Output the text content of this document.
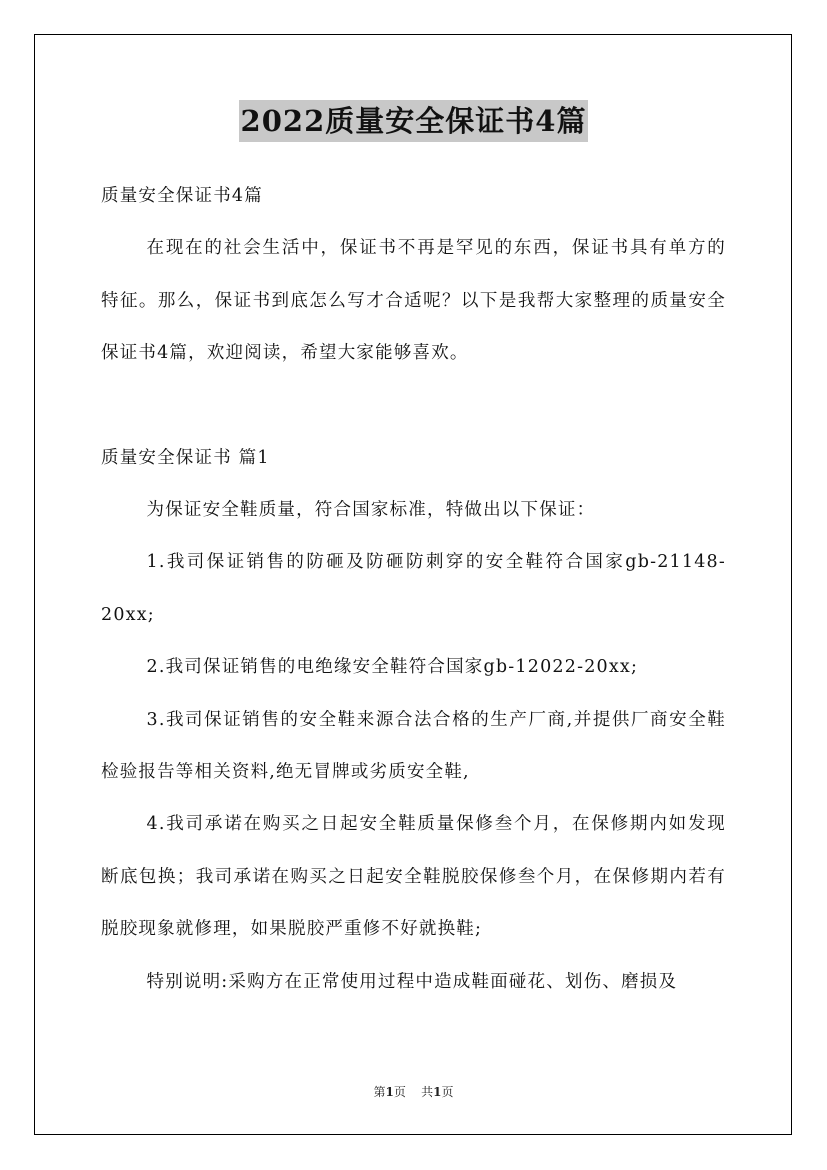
2022质量安全保证书4篇

质量安全保证书4篇

在现在的社会生活中，保证书不再是罕见的东西，保证书具有单方的特征。那么，保证书到底怎么写才合适呢？以下是我帮大家整理的质量安全保证书4篇，欢迎阅读，希望大家能够喜欢。

质量安全保证书 篇1

为保证安全鞋质量，符合国家标准，特做出以下保证：

1.我司保证销售的防砸及防砸防刺穿的安全鞋符合国家gb-21148-20xx;

2.我司保证销售的电绝缘安全鞋符合国家gb-12022-20xx;

3.我司保证销售的安全鞋来源合法合格的生产厂商,并提供厂商安全鞋检验报告等相关资料,绝无冒牌或劣质安全鞋,

4.我司承诺在购买之日起安全鞋质量保修叁个月，在保修期内如发现断底包换；我司承诺在购买之日起安全鞋脱胶保修叁个月，在保修期内若有脱胶现象就修理，如果脱胶严重修不好就换鞋;

特别说明:采购方在正常使用过程中造成鞋面碰花、划伤、磨损及

第1页 共1页
